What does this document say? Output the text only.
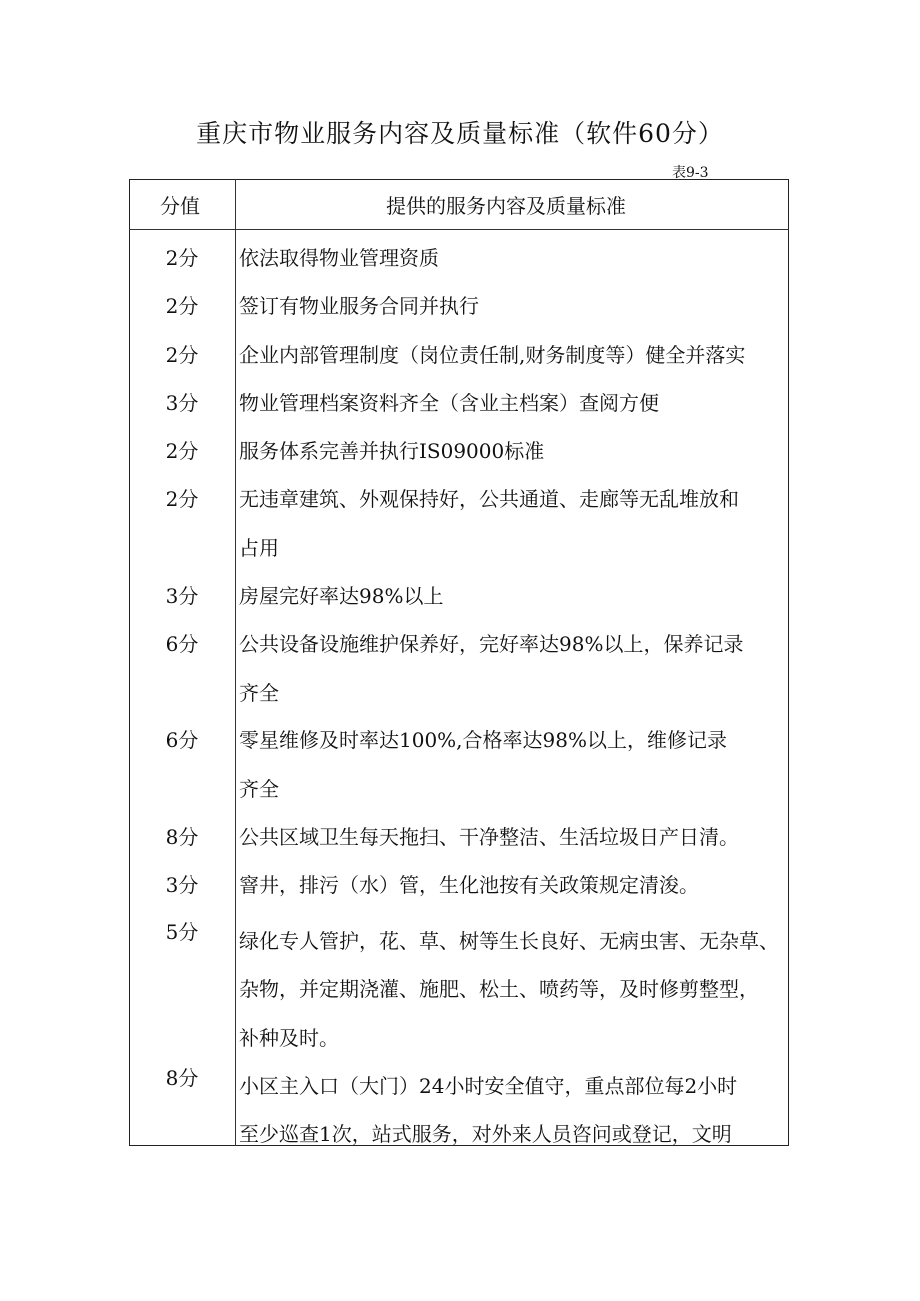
重庆市物业服务内容及质量标准（软件60分）
表9-3
分值	提供的服务内容及质量标准
2分	依法取得物业管理资质
2分	签订有物业服务合同并执行
2分	企业内部管理制度（岗位责任制,财务制度等）健全并落实
3分	物业管理档案资料齐全（含业主档案）查阅方便
2分	服务体系完善并执行IS09000标准
2分	无违章建筑、外观保持好，公共通道、走廊等无乱堆放和
占用
3分	房屋完好率达98%以上
6分	公共设备设施维护保养好，完好率达98%以上，保养记录
齐全
6分	零星维修及时率达100%,合格率达98%以上，维修记录
齐全
8分	公共区域卫生每天拖扫、干净整洁、生活垃圾日产日清。
3分	窨井，排污（水）管，生化池按有关政策规定清浚。
5分	绿化专人管护，花、草、树等生长良好、无病虫害、无杂草、
杂物，并定期浇灌、施肥、松土、喷药等，及时修剪整型，
补种及时。
8分	小区主入口（大门）24小时安全值守，重点部位每2小时
至少巡查1次，站式服务，对外来人员咨问或登记，文明
